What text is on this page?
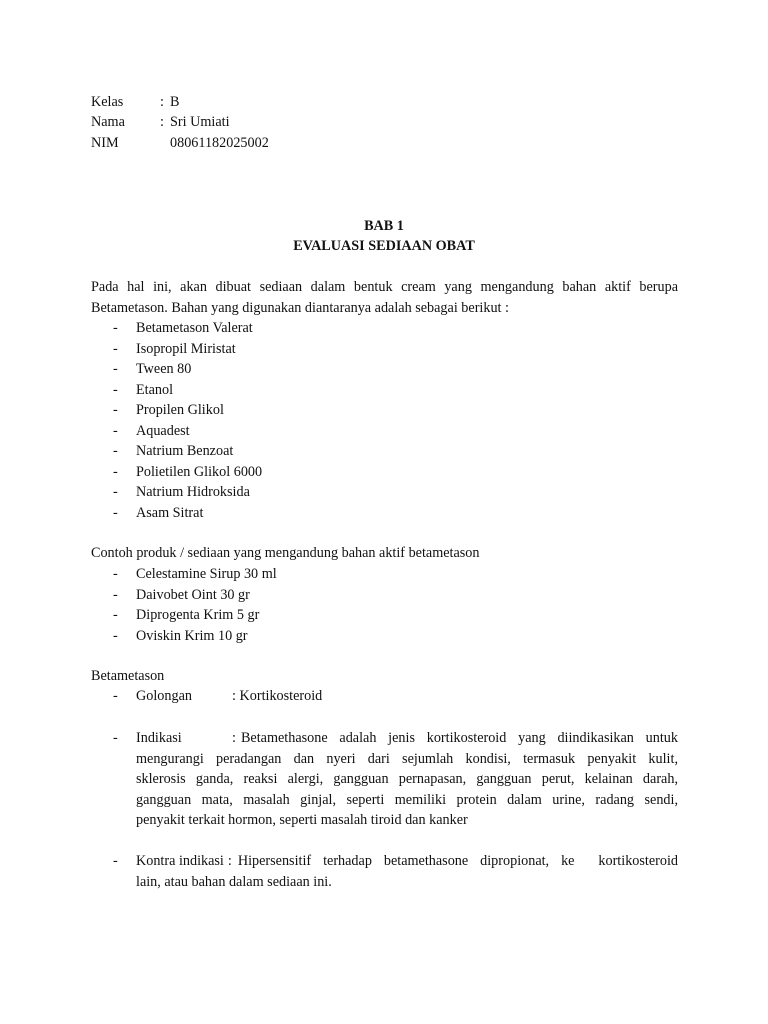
Kelas	: B
Nama : Sri Umiati
NIM	08061182025002
BAB 1
EVALUASI SEDIAAN OBAT
Pada hal ini, akan dibuat sediaan dalam bentuk cream yang mengandung bahan aktif berupa
Betametason. Bahan yang digunakan diantaranya adalah sebagai berikut :
- Betametason Valerat
- Isopropil Miristat
- Tween 80
- Etanol
- Propilen Glikol
- Aquadest
- Natrium Benzoat
- Polietilen Glikol 6000
- Natrium Hidroksida
- Asam Sitrat
Contoh produk / sediaan yang mengandung bahan aktif betametason
- Celestamine Sirup 30 ml
- Daivobet Oint 30 gr
- Diprogenta Krim 5 gr
- Oviskin Krim 10 gr
Betametason
- Golongan	: Kortikosteroid
- Indikasi	: Betamethasone adalah jenis kortikosteroid yang diindikasikan untuk
mengurangi peradangan dan nyeri dari sejumlah kondisi, termasuk penyakit kulit,
sklerosis ganda, reaksi alergi, gangguan pernapasan, gangguan perut, kelainan darah,
gangguan mata, masalah ginjal, seperti memiliki protein dalam urine, radang sendi,
penyakit terkait hormon, seperti masalah tiroid dan kanker
- Kontra indikasi : Hipersensitif terhadap betamethasone dipropionat, ke  kortikosteroid
lain, atau bahan dalam sediaan ini.
